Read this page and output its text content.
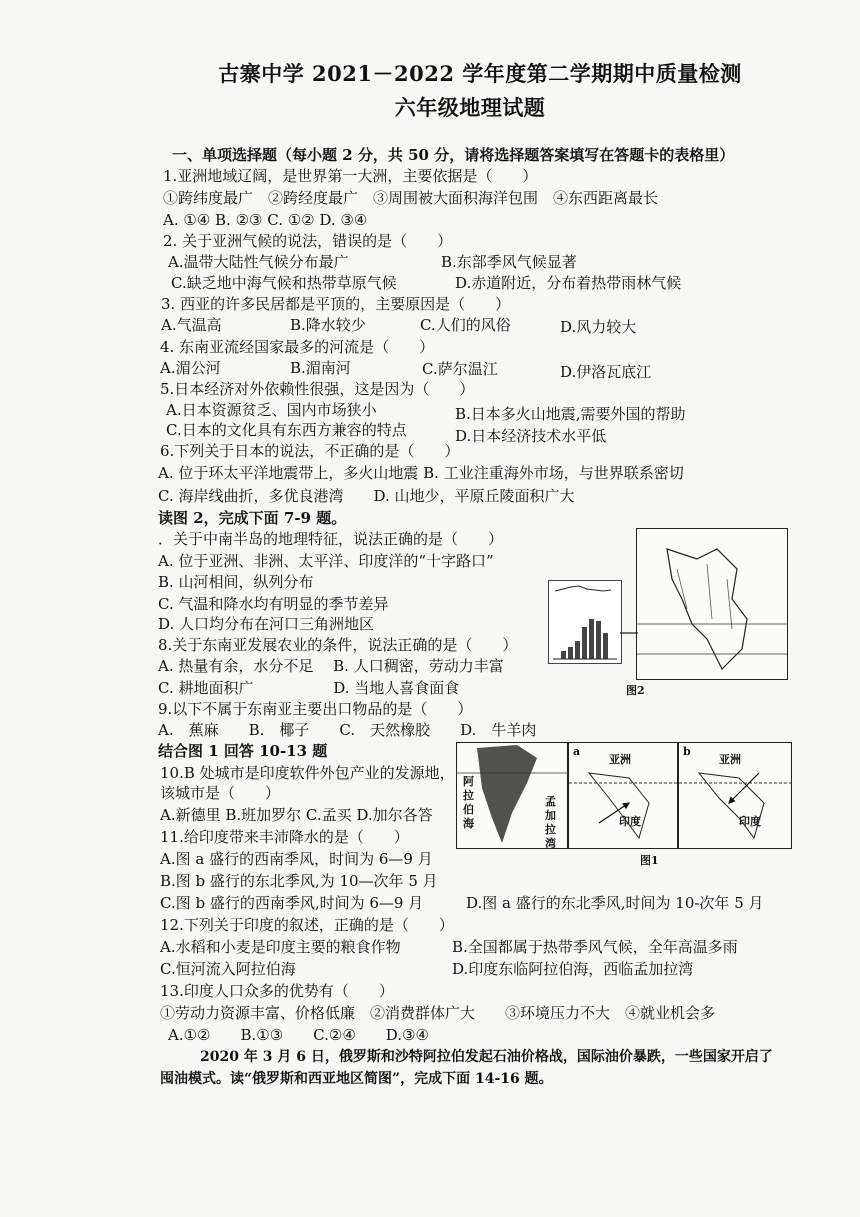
古寨中学 2021－2022 学年度第二学期期中质量检测
六年级地理试题
一、单项选择题（每小题 2 分，共 50 分，请将选择题答案填写在答题卡的表格里）
1.亚洲地域辽阔，是世界第一大洲，主要依据是（　　）
①跨纬度最广　②跨经度最广　③周围被大面积海洋包围　④东西距离最长
A. ①④ B. ②③ C. ①② D. ③④
2. 关于亚洲气候的说法，错误的是（　　）
A.温带大陆性气候分布最广	B.东部季风气候显著
C.缺乏地中海气候和热带草原气候	D.赤道附近，分布着热带雨林气候
3. 西亚的许多民居都是平顶的，主要原因是（　　）
A.气温高	B.降水较少	C.人们的风俗	D.风力较大
4. 东南亚流经国家最多的河流是（　　）
A.湄公河	B.湄南河	C.萨尔温江	D.伊洛瓦底江
5.日本经济对外依赖性很强，这是因为（　　）
A.日本资源贫乏、国内市场狭小	B.日本多火山地震,需要外国的帮助
C.日本的文化具有东西方兼容的特点	D.日本经济技术水平低
6.下列关于日本的说法，不正确的是（　　）
A. 位于环太平洋地震带上，多火山地震 B. 工业注重海外市场，与世界联系密切
C. 海岸线曲折，多优良港湾　　D. 山地少，平原丘陵面积广大
读图 2，完成下面 7-9 题。
．关于中南半岛的地理特征，说法正确的是（　　）
A. 位于亚洲、非洲、太平洋、印度洋的“十字路口”
B. 山河相间，纵列分布
C. 气温和降水均有明显的季节差异
D. 人口均分布在河口三角洲地区
8.关于东南亚发展农业的条件，说法正确的是（　　）
A. 热量有余，水分不足　 B. 人口稠密，劳动力丰富
C. 耕地面积广　　　　　 D. 当地人喜食面食
9.以下不属于东南亚主要出口物品的是（　　）
A.　蕉麻　　B.　椰子　　C.　天然橡胶　　D.　牛羊肉
结合图 1 回答 10-13 题
10.B 处城市是印度软件外包产业的发源地，
该城市是（　　）
A.新德里 B.班加罗尔 C.孟买 D.加尔各答
11.给印度带来丰沛降水的是（　　）
A.图 a 盛行的西南季风，时间为 6—9 月
B.图 b 盛行的东北季风,为 10—次年 5 月
C.图 b 盛行的西南季风,时间为 6—9 月	D.图 a 盛行的东北季风,时间为 10-次年 5 月
12.下列关于印度的叙述，正确的是（　　）
A.水稻和小麦是印度主要的粮食作物	B.全国都属于热带季风气候，全年高温多雨
C.恒河流入阿拉伯海	D.印度东临阿拉伯海，西临孟加拉湾
13.印度人口众多的优势有（　　）
①劳动力资源丰富、价格低廉　②消费群体广大　　③环境压力不大　④就业机会多
A.①②　　B.①③　　C.②④　　D.③④
2020 年 3 月 6 日，俄罗斯和沙特阿拉伯发起石油价格战，国际油价暴跌，一些国家开启了
囤油模式。读“俄罗斯和西亚地区简图”，完成下面 14-16 题。
图2
阿拉伯海
孟加拉湾
a
亚洲
印度
b
亚洲
印度
图1
